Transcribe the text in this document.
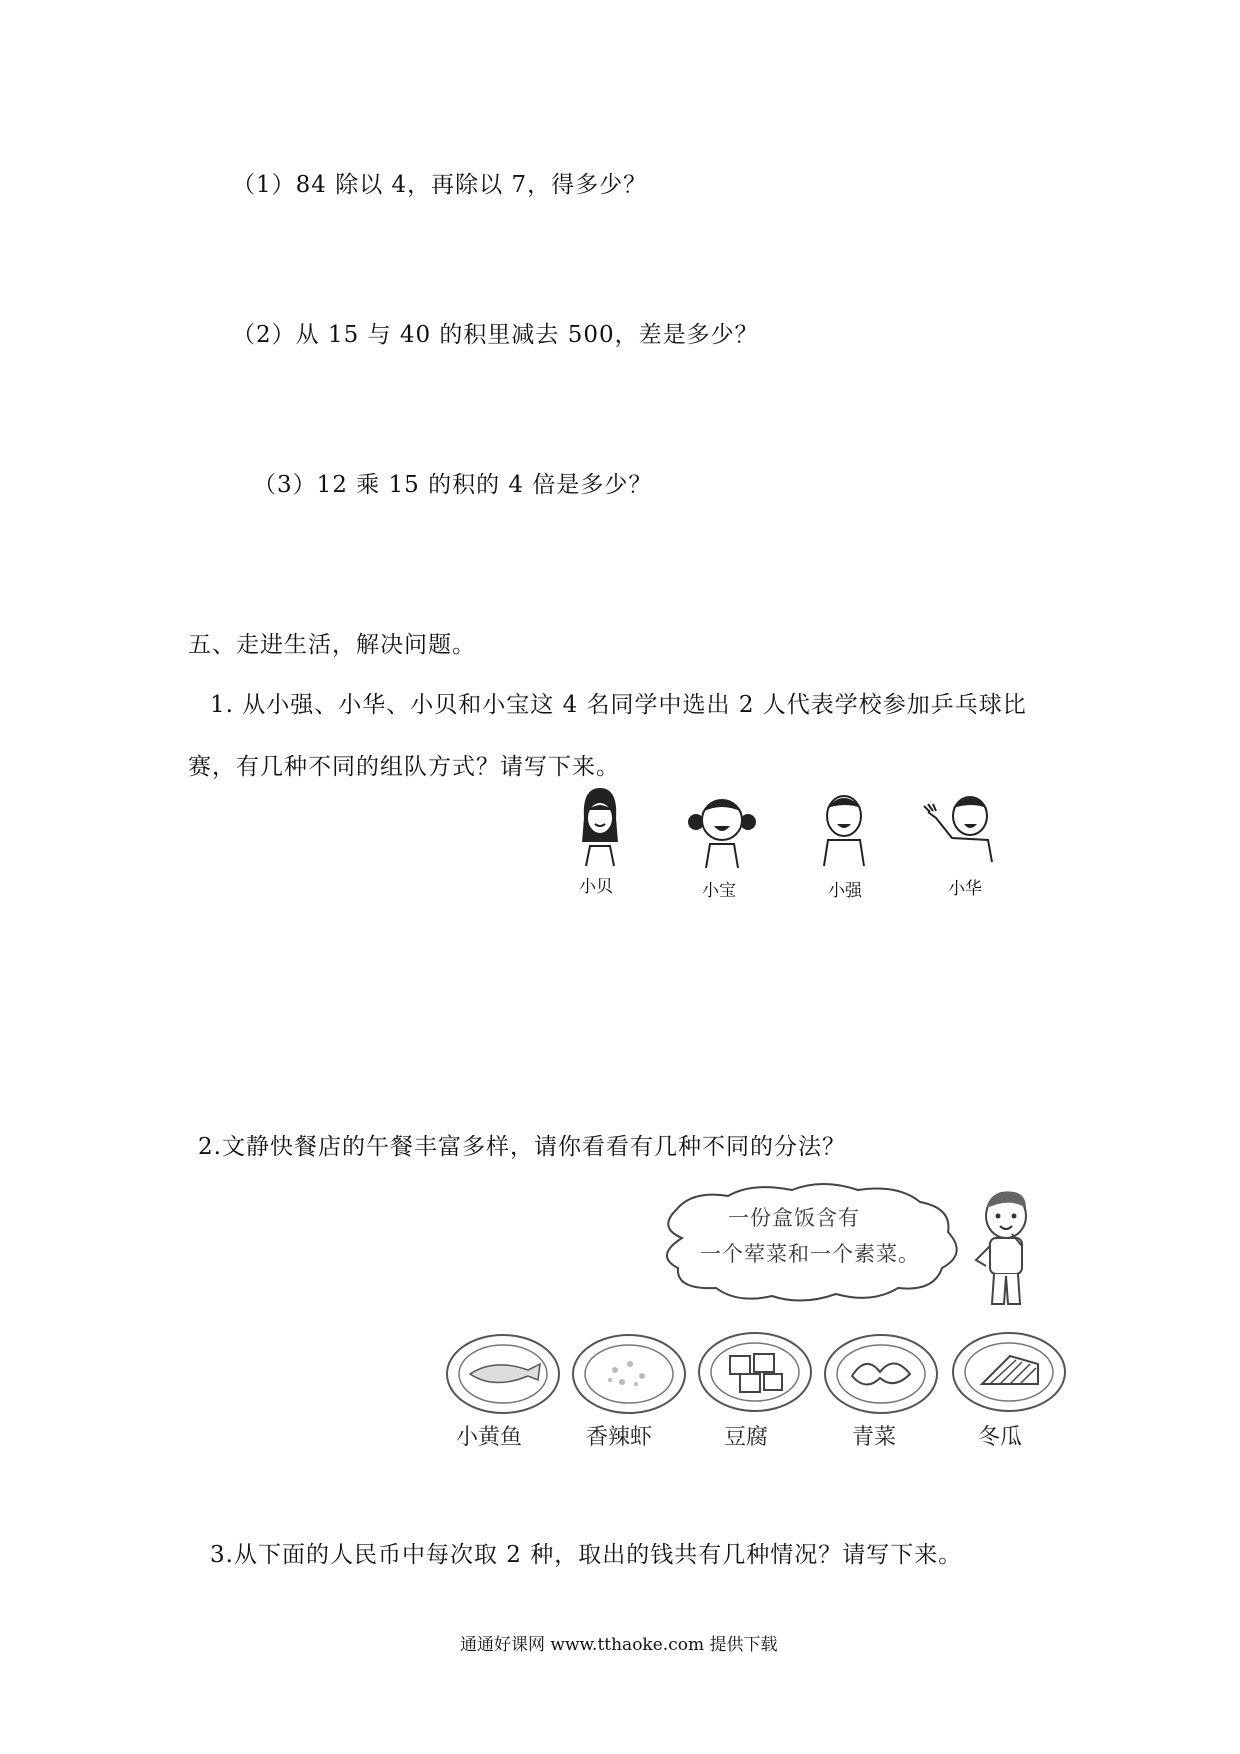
（1）84 除以 4，再除以 7，得多少？
（2）从 15 与 40 的积里减去 500，差是多少？
（3）12 乘 15 的积的 4 倍是多少？
五、走进生活，解决问题。
1. 从小强、小华、小贝和小宝这 4 名同学中选出 2 人代表学校参加乒乓球比
赛，有几种不同的组队方式？请写下来。
小贝	小宝	小强	小华
2.文静快餐店的午餐丰富多样，请你看看有几种不同的分法？
一份盒饭含有
一个荤菜和一个素菜。
小黄鱼	香辣虾	豆腐	青菜	冬瓜
3.从下面的人民币中每次取 2 种，取出的钱共有几种情况？请写下来。
通通好课网 www.tthaoke.com 提供下载
